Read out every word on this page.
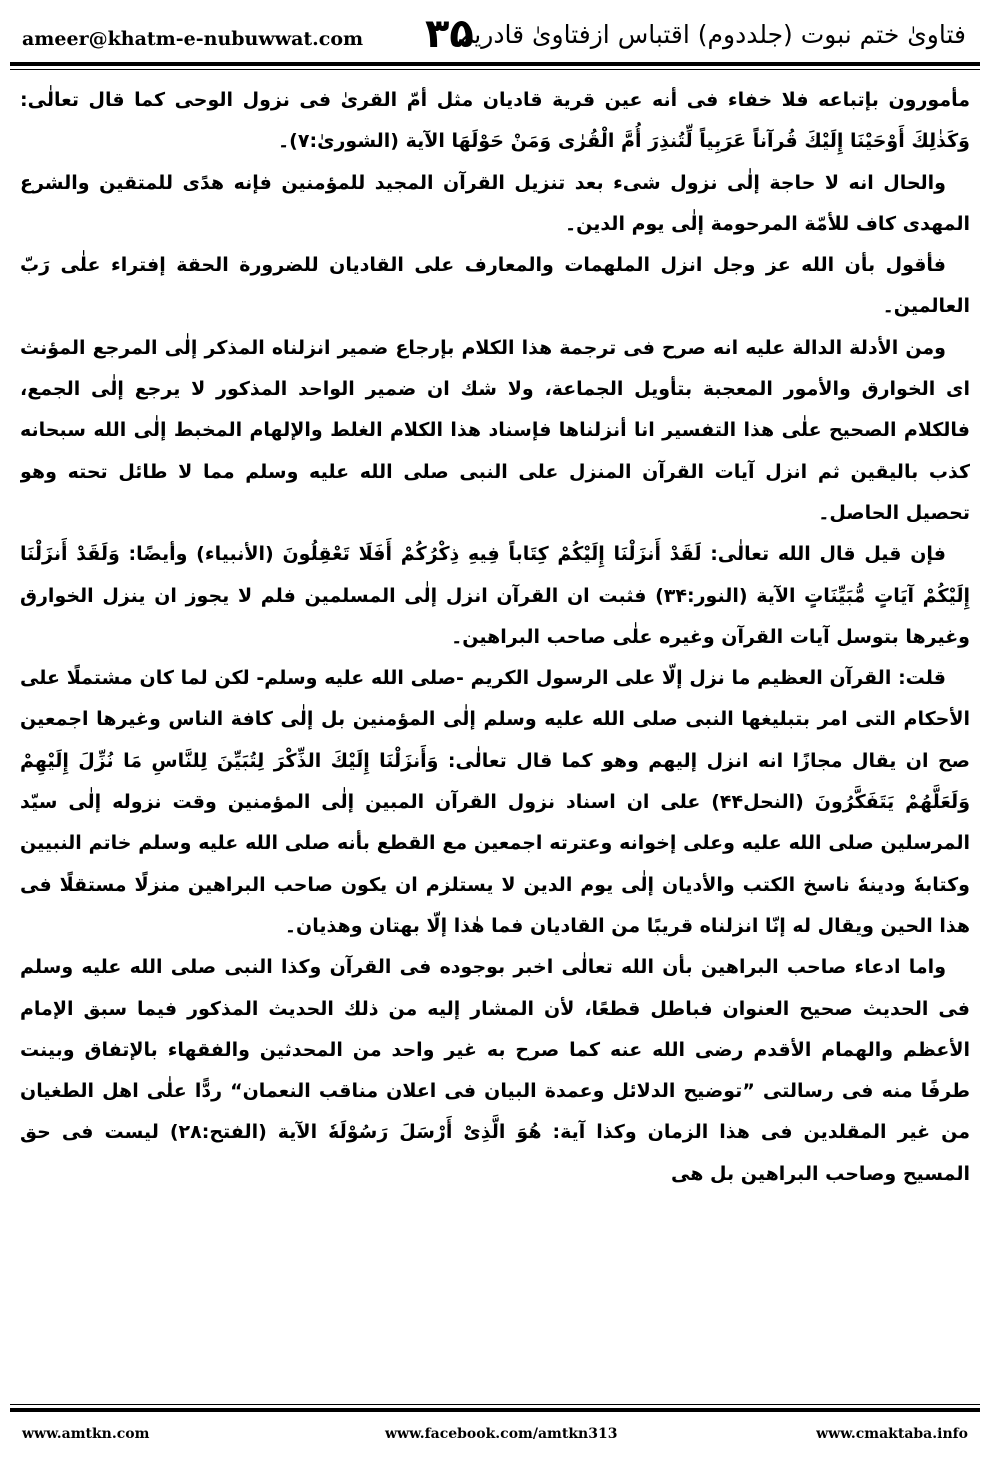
ameer@khatm-e-nubuwwat.com ۳۵
فتاویٰ ختم نبوت (جلددوم) اقتباس ازفتاویٰ قادریہ

مأمورون بإتباعه فلا خفاء فی أنه عين قرية قاديان مثل أمّ القرىٰ فی نزول الوحی كما قال تعالٰی: وَكَذٰلِكَ أَوْحَيْنَا إِلَيْكَ قُرآناً عَرَبِياً لِّتُنذِرَ أُمَّ الْقُرٰى وَمَنْ حَوْلَهَا الآية (الشوریٰ:۷)۔

والحال انه لا حاجة إلٰى نزول شیء بعد تنزيل القرآن المجيد للمؤمنين فإنه هدًى للمتقين والشرع المهدی كاف للأمّة المرحومة إلٰى يوم الدين۔

فأقول بأن الله عز وجل انزل الملهمات والمعارف على القاديان للضرورة الحقة إفتراء علٰی رَبّ العالمين۔

ومن الأدلة الدالة عليه انه صرح فی ترجمة هذا الكلام بإرجاع ضمير انزلناه المذكر إلٰى المرجع المؤنث ای الخوارق والأمور المعجبة بتأويل الجماعة، ولا شك ان ضمير الواحد المذكور لا يرجع إلٰى الجمع، فالكلام الصحيح علٰی هذا التفسير انا أنزلناها فإسناد هذا الكلام الغلط والإلهام المخبط إلٰى الله سبحانه كذب باليقين ثم انزل آيات القرآن المنزل على النبی صلی الله عليه وسلم مما لا طائل تحته وهو تحصيل الحاصل۔

فإن قيل قال الله تعالٰی: لَقَدْ أَنزَلْنَا إِلَيْكُمْ كِتَاباً فِيهِ ذِكْرُكُمْ أَفَلَا تَعْقِلُونَ (الأنبياء) وأيضًا: وَلَقَدْ أَنزَلْنَا إِلَيْكُمْ آيَاتٍ مُّبَيِّنَاتٍ الآية (النور:۳۴) فثبت ان القرآن انزل إلٰى المسلمين فلم لا يجوز ان ينزل الخوارق وغيرها بتوسل آيات القرآن وغيره علٰی صاحب البراهين۔

قلت: القرآن العظيم ما نزل إلّا على الرسول الكريم -صلى الله عليه وسلم- لكن لما كان مشتملًا على الأحكام التی امر بتبليغها النبی صلى الله عليه وسلم إلٰى المؤمنين بل إلٰى كافة الناس وغيرها اجمعين صح ان يقال مجازًا انه انزل إليهم وهو كما قال تعالٰی: وَأَنزَلْنَا إِلَيْكَ الذِّكْرَ لِتُبَيِّنَ لِلنَّاسِ مَا نُزِّلَ إِلَيْهِمْ وَلَعَلَّهُمْ يَتَفَكَّرُونَ (النحل۴۴) على ان اسناد نزول القرآن المبين إلٰى المؤمنين وقت نزوله إلٰى سيّد المرسلين صلى الله عليه وعلى إخوانه وعترته اجمعين مع القطع بأنه صلى الله عليه وسلم خاتم النبيين وكتابهٗ ودينهٗ ناسخ الكتب والأديان إلٰی يوم الدين لا يستلزم ان يكون صاحب البراهين منزلًا مستقلًا فی هذا الحين ويقال له إنّا انزلناه قريبًا من القاديان فما هٰذا إلّا بهتان وهذيان۔

واما ادعاء صاحب البراهين بأن الله تعالٰی اخبر بوجوده فی القرآن وكذا النبی صلى الله عليه وسلم فی الحديث صحيح العنوان فباطل قطعًا، لأن المشار إليه من ذلك الحديث المذكور فيما سبق الإمام الأعظم والهمام الأقدم رضی الله عنه كما صرح به غير واحد من المحدثين والفقهاء بالإتفاق وبينت طرفًا منه فی رسالتی ”توضيح الدلائل وعمدة البيان فی اعلان مناقب النعمان“ ردًّا علٰی اهل الطغيان من غير المقلدين فی هذا الزمان وكذا آية: هُوَ الَّذِیْ أَرْسَلَ رَسُوْلَهٗ الآية (الفتح:۲۸) ليست فی حق المسيح وصاحب البراهين بل هی

www.amtkn.com	www.facebook.com/amtkn313	www.cmaktaba.info
